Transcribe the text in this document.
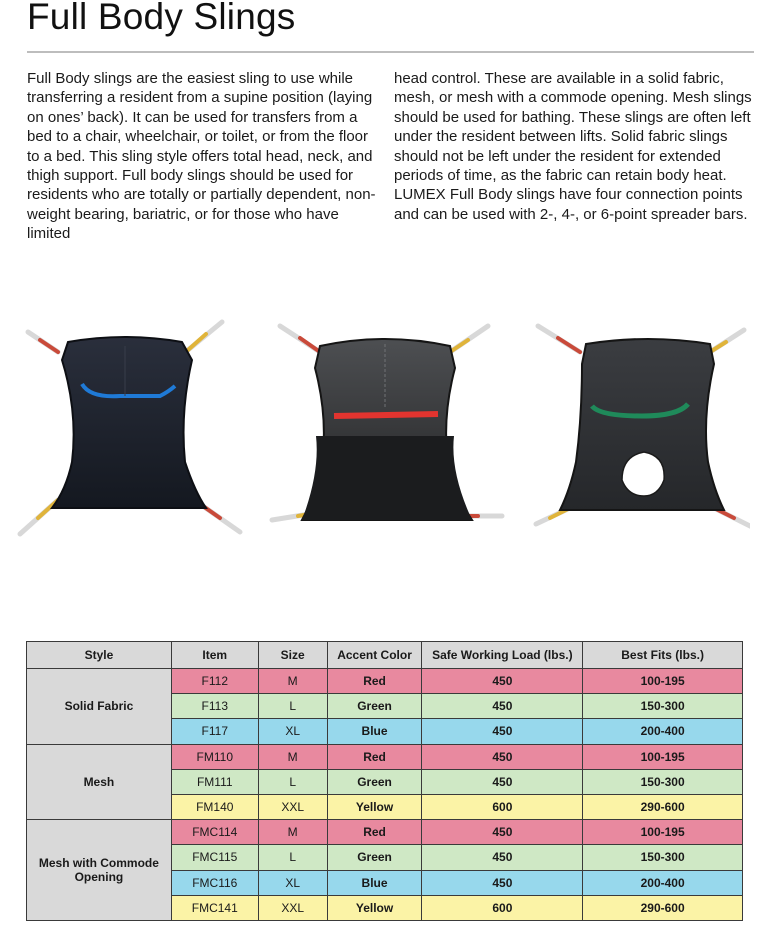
Full Body Slings

Full Body slings are the easiest sling to use while transferring a resident from a supine position (laying on ones’ back). It can be used for transfers from a bed to a chair, wheelchair, or toilet, or from the floor to a bed. This sling style offers total head, neck, and thigh support. Full body slings should be used for residents who are totally or partially dependent, non-weight bearing, bariatric, or for those who have limited

head control. These are available in a solid fabric, mesh, or mesh with a commode opening. Mesh slings should be used for bathing. These slings are often left under the resident between lifts. Solid fabric slings should not be left under the resident for extended periods of time, as the fabric can retain body heat. LUMEX Full Body slings have four connection points and can be used with 2-, 4-, or 6-point spreader bars.

Style	Item	Size	Accent Color	Safe Working Load (lbs.)	Best Fits (lbs.)
Solid Fabric	F112	M	Red	450	100-195
	F113	L	Green	450	150-300
	F117	XL	Blue	450	200-400
Mesh	FM110	M	Red	450	100-195
	FM111	L	Green	450	150-300
	FM140	XXL	Yellow	600	290-600
Mesh with Commode Opening	FMC114	M	Red	450	100-195
	FMC115	L	Green	450	150-300
	FMC116	XL	Blue	450	200-400
	FMC141	XXL	Yellow	600	290-600
